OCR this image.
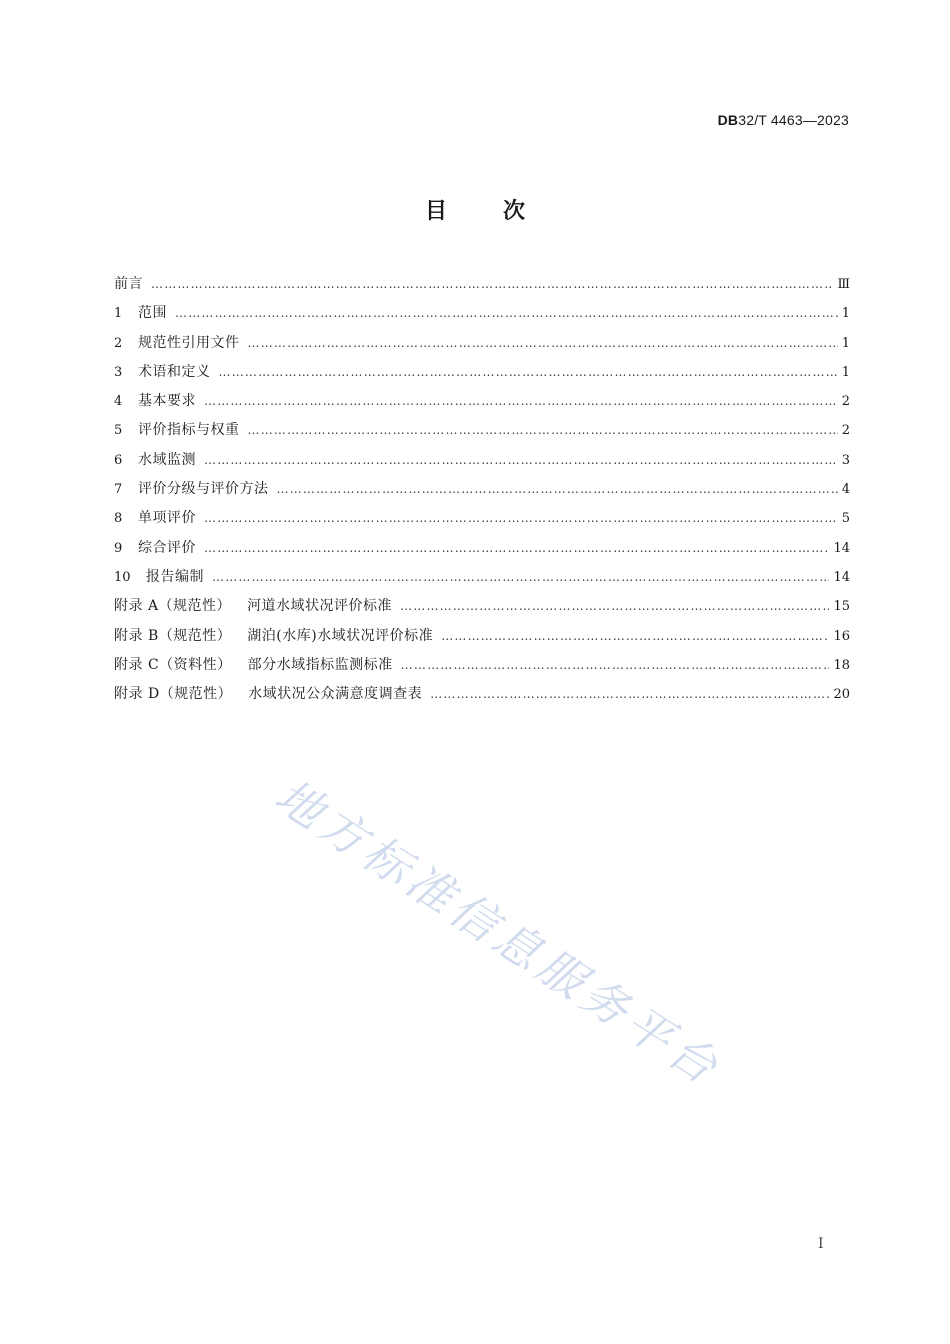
DB32/T 4463—2023
目次
前言 ………………………………………………………………………………………………………………………………………………………………………………………………………………………………	Ⅲ
1	范围 ………………………………………………………………………………………………………………………………………………………………………………………………………………………………	1
2	规范性引用文件 ………………………………………………………………………………………………………………………………………………………………………………………………………………………………	1
3	术语和定义 ………………………………………………………………………………………………………………………………………………………………………………………………………………………………	1
4	基本要求 ………………………………………………………………………………………………………………………………………………………………………………………………………………………………	2
5	评价指标与权重 ………………………………………………………………………………………………………………………………………………………………………………………………………………………………	2
6	水域监测 ………………………………………………………………………………………………………………………………………………………………………………………………………………………………	3
7	评价分级与评价方法 ………………………………………………………………………………………………………………………………………………………………………………………………………………………………	4
8	单项评价 ………………………………………………………………………………………………………………………………………………………………………………………………………………………………	5
9	综合评价 ………………………………………………………………………………………………………………………………………………………………………………………………………………………………	14
10	报告编制 ………………………………………………………………………………………………………………………………………………………………………………………………………………………………	14
附录 A（规范性） 河道水域状况评价标准 ………………………………………………………………………………………………………………………………………………………………………………………………………………………………	15
附录 B（规范性） 湖泊(水库)水域状况评价标准 ………………………………………………………………………………………………………………………………………………………………………………………………………………………………	16
附录 C（资料性） 部分水域指标监测标准 ………………………………………………………………………………………………………………………………………………………………………………………………………………………………	18
附录 D（规范性） 水域状况公众满意度调查表 ………………………………………………………………………………………………………………………………………………………………………………………………………………………………	20
地方标准信息服务平台
I
